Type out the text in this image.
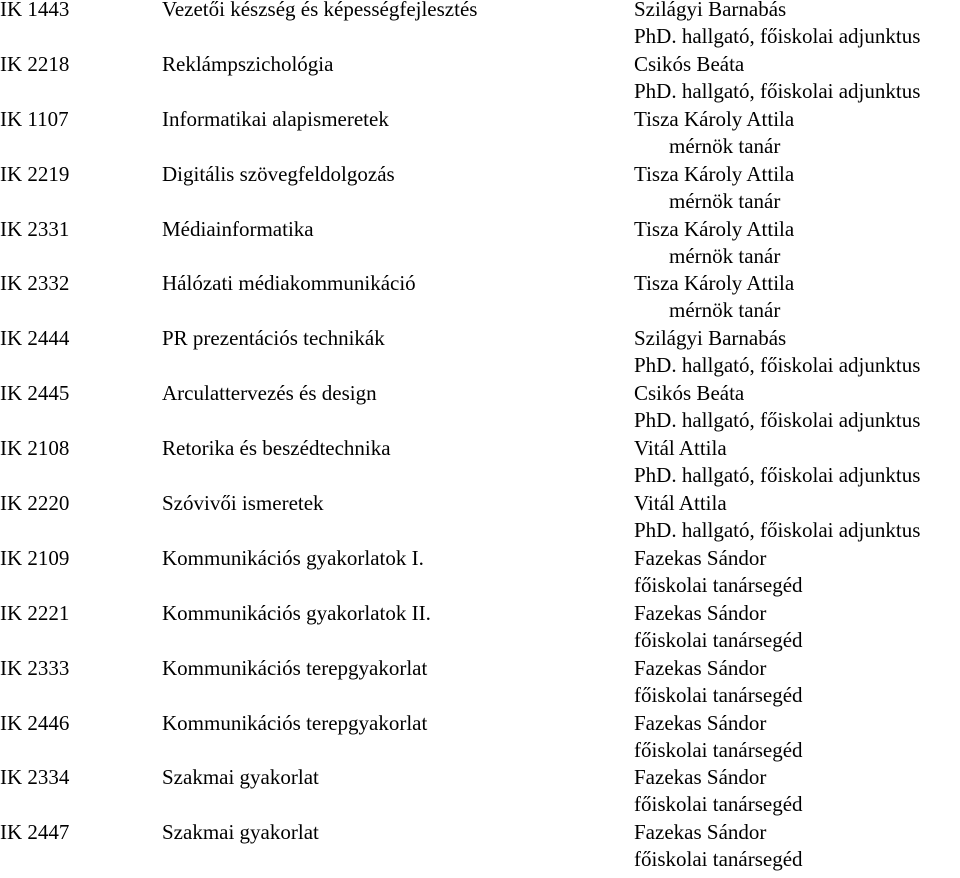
IK 1443	Vezetői készség és képességfejlesztés	Szilágyi Barnabás
PhD. hallgató, főiskolai adjunktus
IK 2218	Reklámpszichológia	Csikós Beáta
PhD. hallgató, főiskolai adjunktus
IK 1107	Informatikai alapismeretek	Tisza Károly Attila
mérnök tanár
IK 2219	Digitális szövegfeldolgozás	Tisza Károly Attila
mérnök tanár
IK 2331	Médiainformatika	Tisza Károly Attila
mérnök tanár
IK 2332	Hálózati médiakommunikáció	Tisza Károly Attila
mérnök tanár
IK 2444	PR prezentációs technikák	Szilágyi Barnabás
PhD. hallgató, főiskolai adjunktus
IK 2445	Arculattervezés és design	Csikós Beáta
PhD. hallgató, főiskolai adjunktus
IK 2108	Retorika és beszédtechnika	Vitál Attila
PhD. hallgató, főiskolai adjunktus
IK 2220	Szóvivői ismeretek	Vitál Attila
PhD. hallgató, főiskolai adjunktus
IK 2109	Kommunikációs gyakorlatok I.	Fazekas Sándor
főiskolai tanársegéd
IK 2221	Kommunikációs gyakorlatok II.	Fazekas Sándor
főiskolai tanársegéd
IK 2333	Kommunikációs terepgyakorlat	Fazekas Sándor
főiskolai tanársegéd
IK 2446	Kommunikációs terepgyakorlat	Fazekas Sándor
főiskolai tanársegéd
IK 2334	Szakmai gyakorlat	Fazekas Sándor
főiskolai tanársegéd
IK 2447	Szakmai gyakorlat	Fazekas Sándor
főiskolai tanársegéd
